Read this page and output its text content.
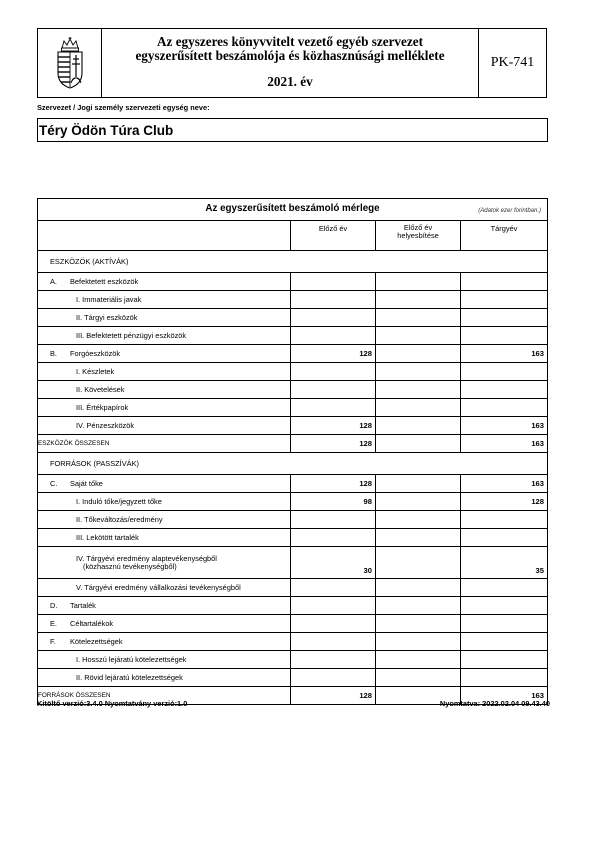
Az egyszeres könyvvitelt vezető egyéb szervezet
egyszerűsített beszámolója és közhasznúsági melléklete
2021. év
PK-741
Szervezet / Jogi személy szervezeti egység neve:
Téry Ödön Túra Club
Az egyszerűsített beszámoló mérlege (Adatok ezer forintban.)			

	Előző év	Előző év
helyesbítése	Tárgyév
ESZKÖZÖK (AKTÍVÁK)			
A. Befektetett eszközök			

I. Immateriális javak			

II. Tárgyi eszközök			

III. Befektetett pénzügyi eszközök			

B. Forgóeszközök	128		163

I. Készletek			

II. Követelések			

III. Értékpapírok			

IV. Pénzeszközök	128		163
ESZKÖZÖK ÖSSZESEN	128		163
FORRÁSOK (PASSZÍVÁK)			
C. Saját tőke	128		163

I. Induló tőke/jegyzett tőke	98		128

II. Tőkeváltozás/eredmény			

III. Lekötött tartalék			

IV. Tárgyévi eredmény alaptevékenységből
(közhasznú tevékenységből)	30		35

V. Tárgyévi eredmény vállalkozási tevékenységből			

D. Tartalék			
E. Céltartalékok			
F. Kötelezettségek			

I. Hosszú lejáratú kötelezettségek			

II. Rövid lejáratú kötelezettségek			

FORRÁSOK ÖSSZESEN	128		163
Kitöltő verzió:3.4.0 Nyomtatvány verzió:1.0	Nyomtatva: 2022.02.04 09.43.40
